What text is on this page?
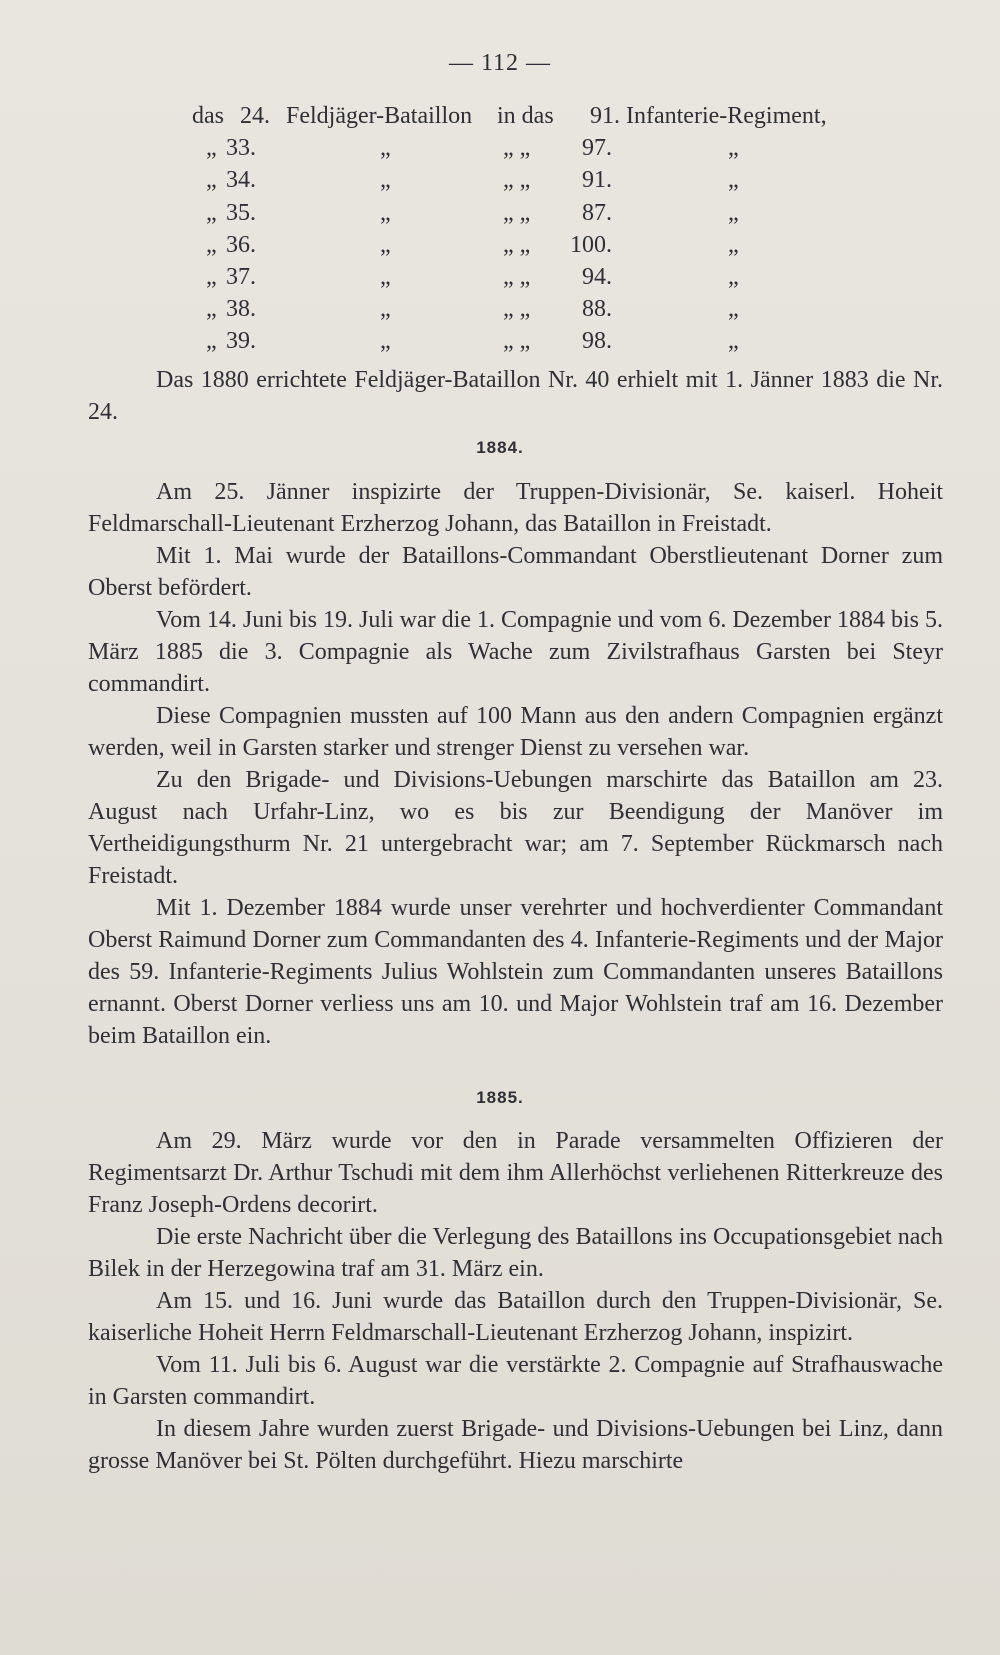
— 112 —
das 24. Feldjäger-Bataillon in das 91. Infanterie-Regiment,
„ 33.	„	„ „ 97.	„
„ 34.	„	„ „ 91.	„
„ 35.	„	„ „ 87.	„
„ 36.	„	„ „ 100.	„
„ 37.	„	„ „ 94.	„
„ 38.	„	„ „ 88.	„
„ 39.	„	„ „ 98.	„

Das 1880 errichtete Feldjäger-Bataillon Nr. 40 erhielt mit 1. Jänner 1883 die Nr. 24.

1884.

Am 25. Jänner inspizirte der Truppen-Divisionär, Se. kaiserl. Hoheit Feldmarschall-Lieutenant Erzherzog Johann, das Bataillon in Freistadt.

Mit 1. Mai wurde der Bataillons-Commandant Oberstlieutenant Dorner zum Oberst befördert.

Vom 14. Juni bis 19. Juli war die 1. Compagnie und vom 6. Dezember 1884 bis 5. März 1885 die 3. Compagnie als Wache zum Zivilstrafhaus Garsten bei Steyr commandirt.

Diese Compagnien mussten auf 100 Mann aus den andern Compagnien ergänzt werden, weil in Garsten starker und strenger Dienst zu versehen war.

Zu den Brigade- und Divisions-Uebungen marschirte das Bataillon am 23. August nach Urfahr-Linz, wo es bis zur Beendigung der Manöver im Vertheidigungsthurm Nr. 21 untergebracht war; am 7. September Rückmarsch nach Freistadt.

Mit 1. Dezember 1884 wurde unser verehrter und hochverdienter Commandant Oberst Raimund Dorner zum Commandanten des 4. Infanterie-Regiments und der Major des 59. Infanterie-Regiments Julius Wohlstein zum Commandanten unseres Bataillons ernannt. Oberst Dorner verliess uns am 10. und Major Wohlstein traf am 16. Dezember beim Bataillon ein.

1885.

Am 29. März wurde vor den in Parade versammelten Offizieren der Regimentsarzt Dr. Arthur Tschudi mit dem ihm Allerhöchst verliehenen Ritterkreuze des Franz Joseph-Ordens decorirt.

Die erste Nachricht über die Verlegung des Bataillons ins Occupationsgebiet nach Bilek in der Herzegowina traf am 31. März ein.

Am 15. und 16. Juni wurde das Bataillon durch den Truppen-Divisionär, Se. kaiserliche Hoheit Herrn Feldmarschall-Lieutenant Erzherzog Johann, inspizirt.

Vom 11. Juli bis 6. August war die verstärkte 2. Compagnie auf Strafhauswache in Garsten commandirt.

In diesem Jahre wurden zuerst Brigade- und Divisions-Uebungen bei Linz, dann grosse Manöver bei St. Pölten durchgeführt. Hiezu marschirte
